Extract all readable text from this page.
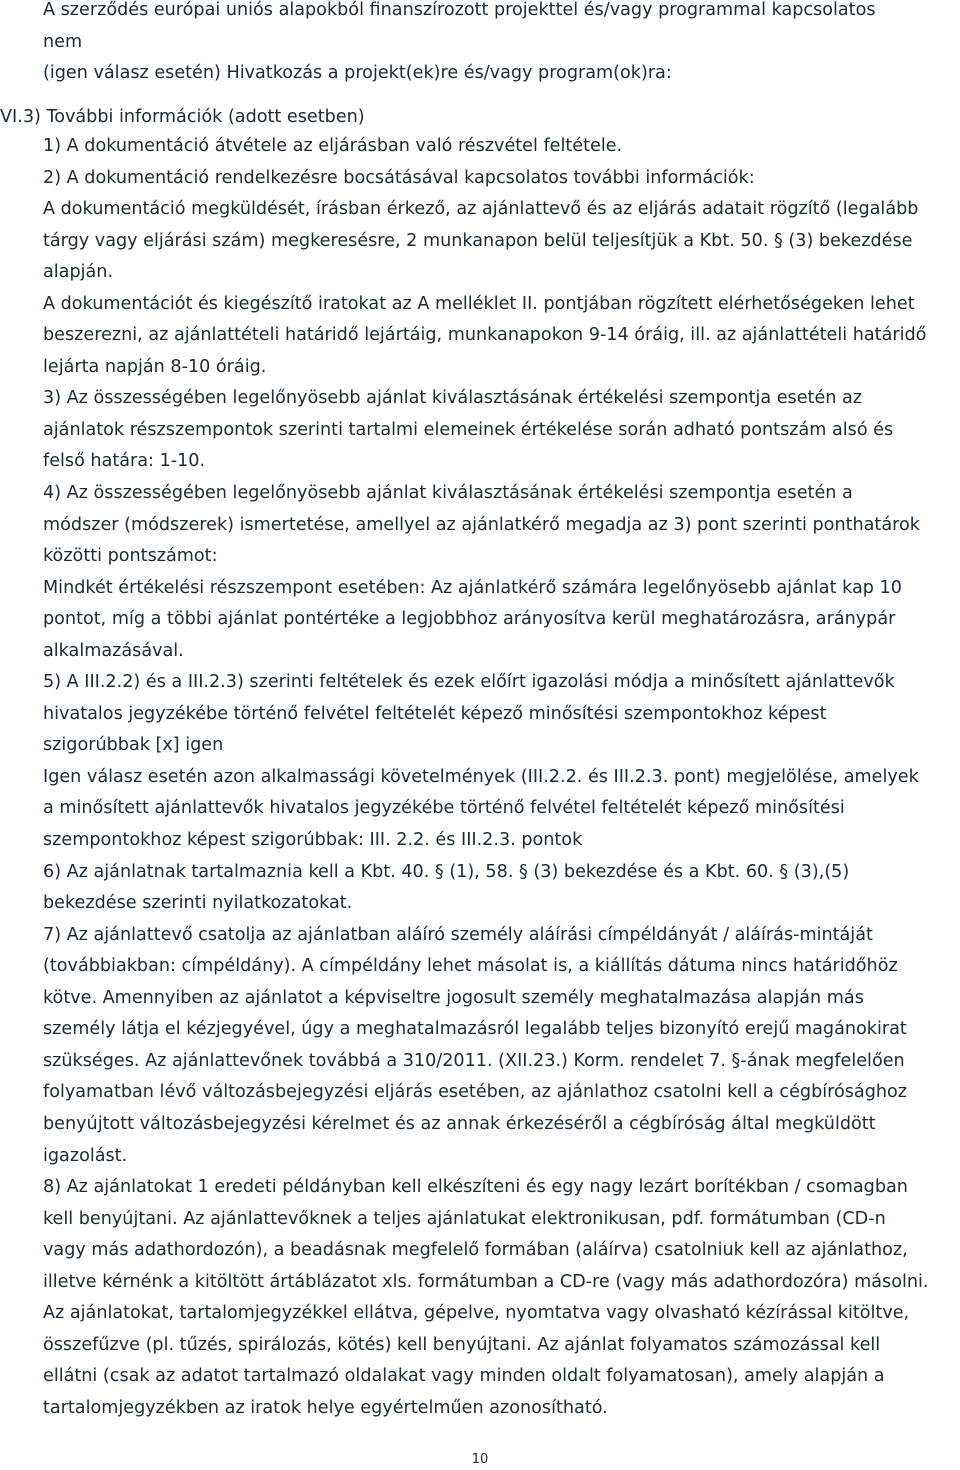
A szerződés európai uniós alapokból finanszírozott projekttel és/vagy programmal kapcsolatos
nem
(igen válasz esetén) Hivatkozás a projekt(ek)re és/vagy program(ok)ra:

VI.3) További információk (adott esetben)

1) A dokumentáció átvétele az eljárásban való részvétel feltétele.
2) A dokumentáció rendelkezésre bocsátásával kapcsolatos további információk:
A dokumentáció megküldését, írásban érkező, az ajánlattevő és az eljárás adatait rögzítő (legalább
tárgy vagy eljárási szám) megkeresésre, 2 munkanapon belül teljesítjük a Kbt. 50. § (3) bekezdése
alapján.
A dokumentációt és kiegészítő iratokat az A melléklet II. pontjában rögzített elérhetőségeken lehet
beszerezni, az ajánlattételi határidő lejártáig, munkanapokon 9-14 óráig, ill. az ajánlattételi határidő
lejárta napján 8-10 óráig.
3) Az összességében legelőnyösebb ajánlat kiválasztásának értékelési szempontja esetén az
ajánlatok részszempontok szerinti tartalmi elemeinek értékelése során adható pontszám alsó és
felső határa: 1-10.
4) Az összességében legelőnyösebb ajánlat kiválasztásának értékelési szempontja esetén a
módszer (módszerek) ismertetése, amellyel az ajánlatkérő megadja az 3) pont szerinti ponthatárok
közötti pontszámot:
Mindkét értékelési részszempont esetében: Az ajánlatkérő számára legelőnyösebb ajánlat kap 10
pontot, míg a többi ajánlat pontértéke a legjobbhoz arányosítva kerül meghatározásra, aránypár
alkalmazásával.
5) A III.2.2) és a III.2.3) szerinti feltételek és ezek előírt igazolási módja a minősített ajánlattevők
hivatalos jegyzékébe történő felvétel feltételét képező minősítési szempontokhoz képest
szigorúbbak [x] igen
Igen válasz esetén azon alkalmassági követelmények (III.2.2. és III.2.3. pont) megjelölése, amelyek
a minősített ajánlattevők hivatalos jegyzékébe történő felvétel feltételét képező minősítési
szempontokhoz képest szigorúbbak: III. 2.2. és III.2.3. pontok
6) Az ajánlatnak tartalmaznia kell a Kbt. 40. § (1), 58. § (3) bekezdése és a Kbt. 60. § (3),(5)
bekezdése szerinti nyilatkozatokat.
7) Az ajánlattevő csatolja az ajánlatban aláíró személy aláírási címpéldányát / aláírás-mintáját
(továbbiakban: címpéldány). A címpéldány lehet másolat is, a kiállítás dátuma nincs határidőhöz
kötve. Amennyiben az ajánlatot a képviseltre jogosult személy meghatalmazása alapján más
személy látja el kézjegyével, úgy a meghatalmazásról legalább teljes bizonyító erejű magánokirat
szükséges. Az ajánlattevőnek továbbá a 310/2011. (XII.23.) Korm. rendelet 7. §-ának megfelelően
folyamatban lévő változásbejegyzési eljárás esetében, az ajánlathoz csatolni kell a cégbírósághoz
benyújtott változásbejegyzési kérelmet és az annak érkezéséről a cégbíróság által megküldött
igazolást.
8) Az ajánlatokat 1 eredeti példányban kell elkészíteni és egy nagy lezárt borítékban / csomagban
kell benyújtani. Az ajánlattevőknek a teljes ajánlatukat elektronikusan, pdf. formátumban (CD-n
vagy más adathordozón), a beadásnak megfelelő formában (aláírva) csatolniuk kell az ajánlathoz,
illetve kérnénk a kitöltött ártáblázatot xls. formátumban a CD-re (vagy más adathordozóra) másolni.
Az ajánlatokat, tartalomjegyzékkel ellátva, gépelve, nyomtatva vagy olvasható kézírással kitöltve,
összefűzve (pl. tűzés, spirálozás, kötés) kell benyújtani. Az ajánlat folyamatos számozással kell
ellátni (csak az adatot tartalmazó oldalakat vagy minden oldalt folyamatosan), amely alapján a
tartalomjegyzékben az iratok helye egyértelműen azonosítható.
10
